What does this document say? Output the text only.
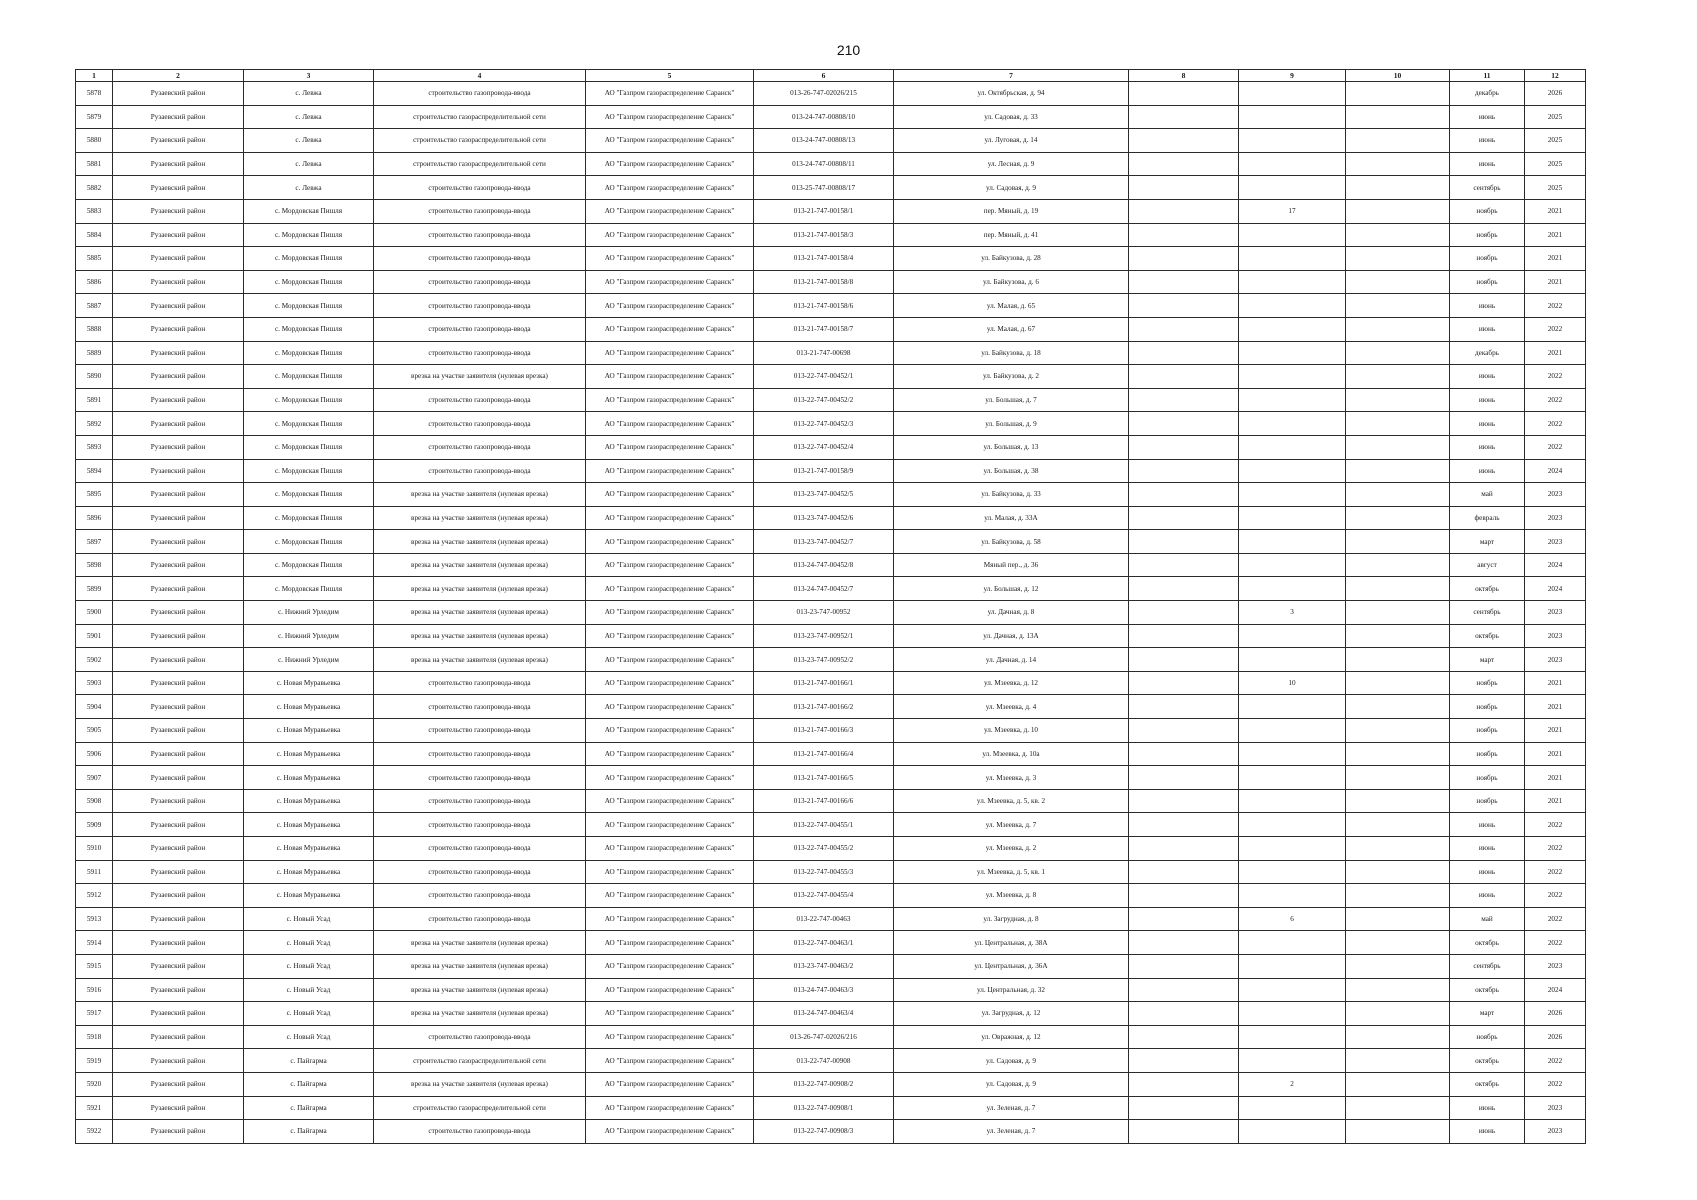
210
1	2	3	4	5	6	7	8	9	10	11	12
5878	Рузаевский район	с. Левжа	строительство газопровода-ввода	АО "Газпром газораспределение Саранск"	013-26-747-02026/215	ул. Октябрьская, д. 94				декабрь	2026
5879	Рузаевский район	с. Левжа	строительство газораспределительной сети	АО "Газпром газораспределение Саранск"	013-24-747-00808/10	ул. Садовая, д. 33				июнь	2025
5880	Рузаевский район	с. Левжа	строительство газораспределительной сети	АО "Газпром газораспределение Саранск"	013-24-747-00808/13	ул. Луговая, д. 14				июнь	2025
5881	Рузаевский район	с. Левжа	строительство газораспределительной сети	АО "Газпром газораспределение Саранск"	013-24-747-00808/11	ул. Лесная, д. 9				июнь	2025
5882	Рузаевский район	с. Левжа	строительство газопровода-ввода	АО "Газпром газораспределение Саранск"	013-25-747-00808/17	ул. Садовая, д. 9				сентябрь	2025
5883	Рузаевский район	с. Мордовская Пишля	строительство газопровода-ввода	АО "Газпром газораспределение Саранск"	013-21-747-00158/1	пер. Мяный, д. 19		17		ноябрь	2021
5884	Рузаевский район	с. Мордовская Пишля	строительство газопровода-ввода	АО "Газпром газораспределение Саранск"	013-21-747-00158/3	пер. Мяный, д. 41				ноябрь	2021
5885	Рузаевский район	с. Мордовская Пишля	строительство газопровода-ввода	АО "Газпром газораспределение Саранск"	013-21-747-00158/4	ул. Байкузова, д. 28				ноябрь	2021
5886	Рузаевский район	с. Мордовская Пишля	строительство газопровода-ввода	АО "Газпром газораспределение Саранск"	013-21-747-00158/8	ул. Байкузова, д. 6				ноябрь	2021
5887	Рузаевский район	с. Мордовская Пишля	строительство газопровода-ввода	АО "Газпром газораспределение Саранск"	013-21-747-00158/6	ул. Малая, д. 65				июнь	2022
5888	Рузаевский район	с. Мордовская Пишля	строительство газопровода-ввода	АО "Газпром газораспределение Саранск"	013-21-747-00158/7	ул. Малая, д. 67				июнь	2022
5889	Рузаевский район	с. Мордовская Пишля	строительство газопровода-ввода	АО "Газпром газораспределение Саранск"	013-21-747-00698	ул. Байкузова, д. 18				декабрь	2021
5890	Рузаевский район	с. Мордовская Пишля	врезка на участке заявителя (нулевая врезка)	АО "Газпром газораспределение Саранск"	013-22-747-00452/1	ул. Байкузова, д. 2				июнь	2022
5891	Рузаевский район	с. Мордовская Пишля	строительство газопровода-ввода	АО "Газпром газораспределение Саранск"	013-22-747-00452/2	ул. Большая, д. 7				июнь	2022
5892	Рузаевский район	с. Мордовская Пишля	строительство газопровода-ввода	АО "Газпром газораспределение Саранск"	013-22-747-00452/3	ул. Большая, д. 9				июнь	2022
5893	Рузаевский район	с. Мордовская Пишля	строительство газопровода-ввода	АО "Газпром газораспределение Саранск"	013-22-747-00452/4	ул. Большая, д. 13				июнь	2022
5894	Рузаевский район	с. Мордовская Пишля	строительство газопровода-ввода	АО "Газпром газораспределение Саранск"	013-21-747-00158/9	ул. Большая, д. 38				июнь	2024
5895	Рузаевский район	с. Мордовская Пишля	врезка на участке заявителя (нулевая врезка)	АО "Газпром газораспределение Саранск"	013-23-747-00452/5	ул. Байкузова, д. 33				май	2023
5896	Рузаевский район	с. Мордовская Пишля	врезка на участке заявителя (нулевая врезка)	АО "Газпром газораспределение Саранск"	013-23-747-00452/6	ул. Малая, д. 33А				февраль	2023
5897	Рузаевский район	с. Мордовская Пишля	врезка на участке заявителя (нулевая врезка)	АО "Газпром газораспределение Саранск"	013-23-747-00452/7	ул. Байкузова, д. 58				март	2023
5898	Рузаевский район	с. Мордовская Пишля	врезка на участке заявителя (нулевая врезка)	АО "Газпром газораспределение Саранск"	013-24-747-00452/8	Мяный пер., д. 36				август	2024
5899	Рузаевский район	с. Мордовская Пишля	врезка на участке заявителя (нулевая врезка)	АО "Газпром газораспределение Саранск"	013-24-747-00452/7	ул. Большая, д. 12				октябрь	2024
5900	Рузаевский район	с. Нижний Урледим	врезка на участке заявителя (нулевая врезка)	АО "Газпром газораспределение Саранск"	013-23-747-00952	ул. Дачная, д. 8		3		сентябрь	2023
5901	Рузаевский район	с. Нижний Урледим	врезка на участке заявителя (нулевая врезка)	АО "Газпром газораспределение Саранск"	013-23-747-00952/1	ул. Дачная, д. 13А				октябрь	2023
5902	Рузаевский район	с. Нижний Урледим	врезка на участке заявителя (нулевая врезка)	АО "Газпром газораспределение Саранск"	013-23-747-00952/2	ул. Дачная, д. 14				март	2023
5903	Рузаевский район	с. Новая Муравьевка	строительство газопровода-ввода	АО "Газпром газораспределение Саранск"	013-21-747-00166/1	ул. Мзеевка, д. 12		10		ноябрь	2021
5904	Рузаевский район	с. Новая Муравьевка	строительство газопровода-ввода	АО "Газпром газораспределение Саранск"	013-21-747-00166/2	ул. Мзеевка, д. 4				ноябрь	2021
5905	Рузаевский район	с. Новая Муравьевка	строительство газопровода-ввода	АО "Газпром газораспределение Саранск"	013-21-747-00166/3	ул. Мзеевка, д. 10				ноябрь	2021
5906	Рузаевский район	с. Новая Муравьевка	строительство газопровода-ввода	АО "Газпром газораспределение Саранск"	013-21-747-00166/4	ул. Мзеевка, д. 10а				ноябрь	2021
5907	Рузаевский район	с. Новая Муравьевка	строительство газопровода-ввода	АО "Газпром газораспределение Саранск"	013-21-747-00166/5	ул. Мзеевка, д. 3				ноябрь	2021
5908	Рузаевский район	с. Новая Муравьевка	строительство газопровода-ввода	АО "Газпром газораспределение Саранск"	013-21-747-00166/6	ул. Мзеевка, д. 5, кв. 2				ноябрь	2021
5909	Рузаевский район	с. Новая Муравьевка	строительство газопровода-ввода	АО "Газпром газораспределение Саранск"	013-22-747-00455/1	ул. Мзеевка, д. 7				июнь	2022
5910	Рузаевский район	с. Новая Муравьевка	строительство газопровода-ввода	АО "Газпром газораспределение Саранск"	013-22-747-00455/2	ул. Мзеевка, д. 2				июнь	2022
5911	Рузаевский район	с. Новая Муравьевка	строительство газопровода-ввода	АО "Газпром газораспределение Саранск"	013-22-747-00455/3	ул. Мзеевка, д. 5, кв. 1				июнь	2022
5912	Рузаевский район	с. Новая Муравьевка	строительство газопровода-ввода	АО "Газпром газораспределение Саранск"	013-22-747-00455/4	ул. Мзеевка, д. 8				июнь	2022
5913	Рузаевский район	с. Новый Усад	строительство газопровода-ввода	АО "Газпром газораспределение Саранск"	013-22-747-00463	ул. Загрудная, д. 8		6		май	2022
5914	Рузаевский район	с. Новый Усад	врезка на участке заявителя (нулевая врезка)	АО "Газпром газораспределение Саранск"	013-22-747-00463/1	ул. Центральная, д. 38А				октябрь	2022
5915	Рузаевский район	с. Новый Усад	врезка на участке заявителя (нулевая врезка)	АО "Газпром газораспределение Саранск"	013-23-747-00463/2	ул. Центральная, д. 36А				сентябрь	2023
5916	Рузаевский район	с. Новый Усад	врезка на участке заявителя (нулевая врезка)	АО "Газпром газораспределение Саранск"	013-24-747-00463/3	ул. Центральная, д. 32				октябрь	2024
5917	Рузаевский район	с. Новый Усад	врезка на участке заявителя (нулевая врезка)	АО "Газпром газораспределение Саранск"	013-24-747-00463/4	ул. Загрудная, д. 12				март	2026
5918	Рузаевский район	с. Новый Усад	строительство газопровода-ввода	АО "Газпром газораспределение Саранск"	013-26-747-02026/216	ул. Овражная, д. 12				ноябрь	2026
5919	Рузаевский район	с. Пайгарма	строительство газораспределительной сети	АО "Газпром газораспределение Саранск"	013-22-747-00908	ул. Садовая, д. 9				октябрь	2022
5920	Рузаевский район	с. Пайгарма	врезка на участке заявителя (нулевая врезка)	АО "Газпром газораспределение Саранск"	013-22-747-00908/2	ул. Садовая, д. 9		2		октябрь	2022
5921	Рузаевский район	с. Пайгарма	строительство газораспределительной сети	АО "Газпром газораспределение Саранск"	013-22-747-00908/1	ул. Зеленая, д. 7				июнь	2023
5922	Рузаевский район	с. Пайгарма	строительство газопровода-ввода	АО "Газпром газораспределение Саранск"	013-22-747-00908/3	ул. Зеленая, д. 7				июнь	2023
